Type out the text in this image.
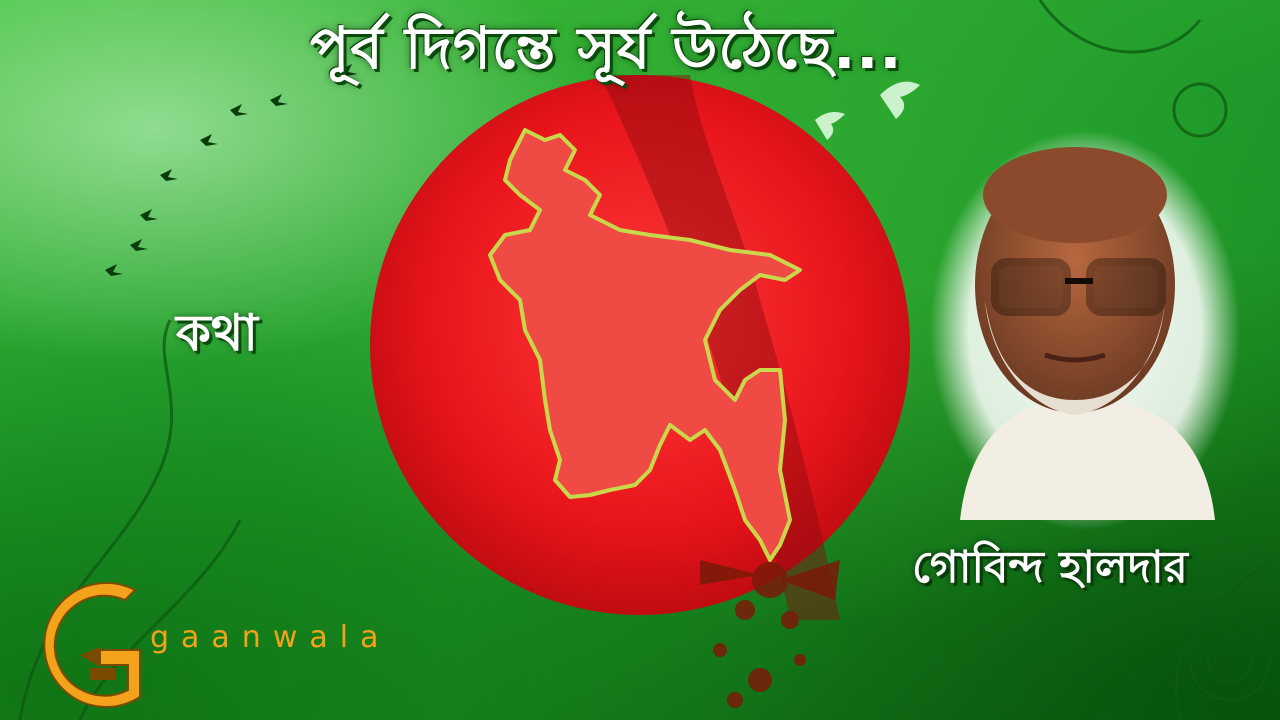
পূর্ব দিগন্তে সূর্য উঠেছে...
কথা
গোবিন্দ হালদার
gaanwala
